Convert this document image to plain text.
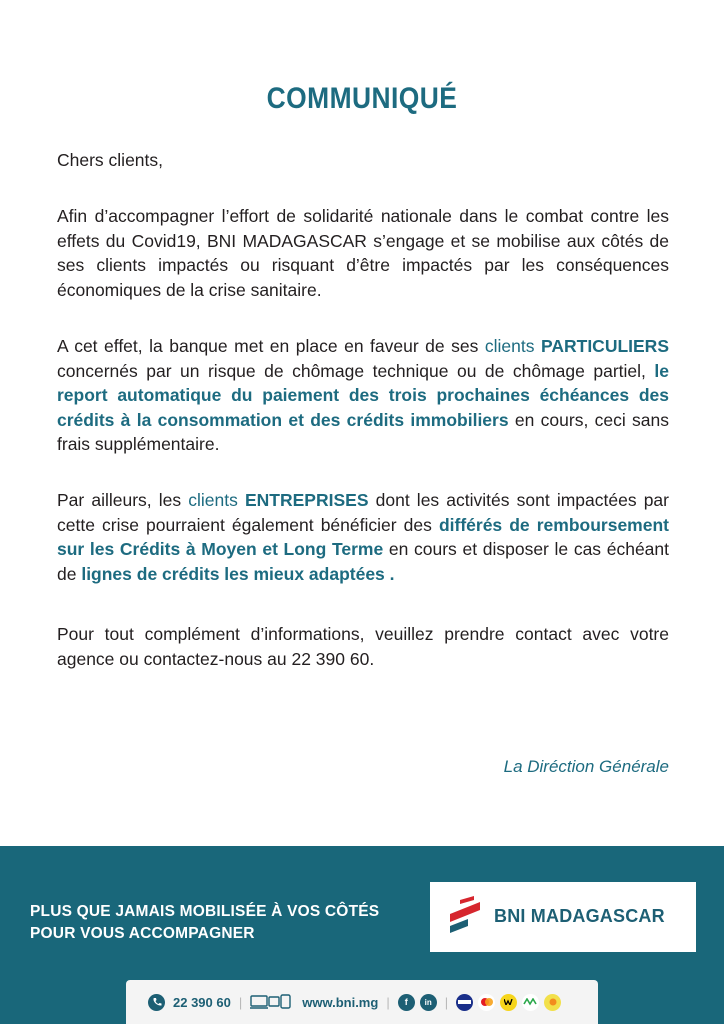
COMMUNIQUÉ
Chers clients,
Afin d’accompagner l’effort de solidarité nationale dans le combat contre les effets du Covid19, BNI MADAGASCAR s’engage et se mobilise aux côtés de ses clients impactés ou risquant d’être impactés par les conséquences économiques de la crise sanitaire.
A cet effet, la banque met en place en faveur de ses clients PARTICULIERS concernés par un risque de chômage technique ou de chômage partiel, le report automatique du paiement des trois prochaines échéances des crédits à la consommation et des crédits immobiliers en cours, ceci sans frais supplémentaire.
Par ailleurs, les clients ENTREPRISES dont les activités sont impactées par cette crise pourraient également bénéficier des différés de remboursement sur les Crédits à Moyen et Long Terme en cours et disposer le cas échéant de lignes de crédits les mieux adaptées .
Pour tout complément d’informations, veuillez prendre contact avec votre agence ou contactez-nous au 22 390 60.
La Diréction Générale
PLUS QUE JAMAIS MOBILISÉE À VOS CÔTÉS
POUR VOUS ACCOMPAGNER
BNI MADAGASCAR
22 390 60 |	www.bni.mg |	f	in |
